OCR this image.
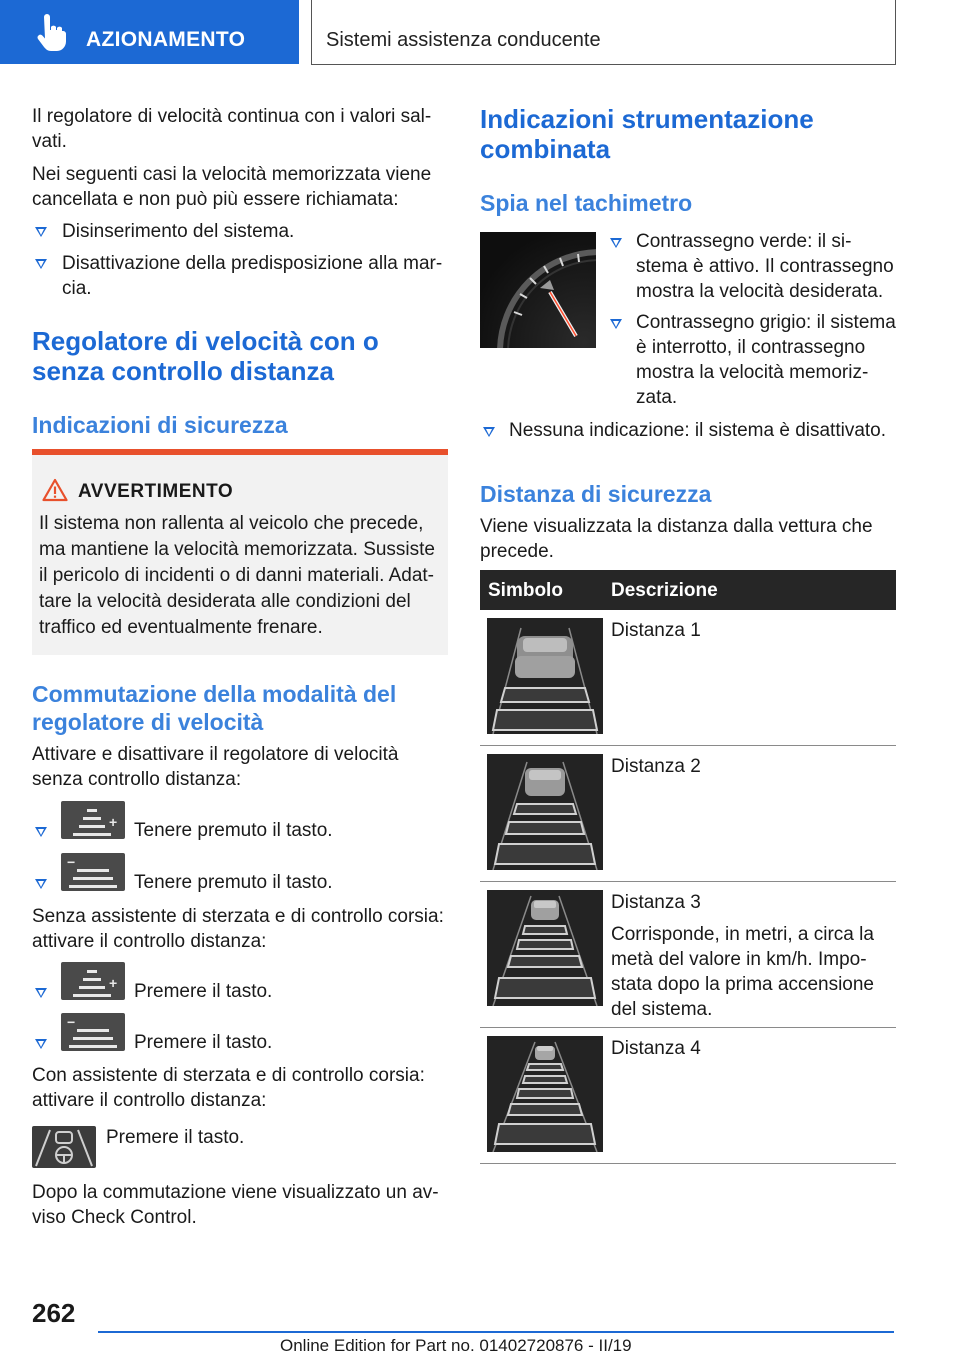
AZIONAMENTO	Sistemi assistenza conducente
Il regolatore di velocità continua con i valori sal-
vati.
Nei seguenti casi la velocità memorizzata viene
cancellata e non può più essere richiamata:
Disinserimento del sistema.
Disattivazione della predisposizione alla mar-
cia.
Regolatore di velocità con o
senza controllo distanza
Indicazioni di sicurezza
AVVERTIMENTO
Il sistema non rallenta al veicolo che precede,
ma mantiene la velocità memorizzata. Sussiste
il pericolo di incidenti o di danni materiali. Adat-
tare la velocità desiderata alle condizioni del
traffico ed eventualmente frenare.
Commutazione della modalità del
regolatore di velocità
Attivare e disattivare il regolatore di velocità
senza controllo distanza:
+ Tenere premuto il tasto.
−
Tenere premuto il tasto.
Senza assistente di sterzata e di controllo corsia:
attivare il controllo distanza:
+ Premere il tasto.
−
Premere il tasto.
Con assistente di sterzata e di controllo corsia:
attivare il controllo distanza:
Premere il tasto.
Dopo la commutazione viene visualizzato un av-
viso Check Control.
Indicazioni strumentazione
combinata
Spia nel tachimetro
Contrassegno verde: il si-
stema è attivo. Il contrassegno
mostra la velocità desiderata.
Contrassegno grigio: il sistema
è interrotto, il contrassegno
mostra la velocità memoriz-
zata.
Nessuna indicazione: il sistema è disattivato.
Distanza di sicurezza
Viene visualizzata la distanza dalla vettura che
precede.
Simbolo	Descrizione
Distanza 1
Distanza 2
Distanza 3
Corrisponde, in metri, a circa la
metà del valore in km/h. Impo-
stata dopo la prima accensione
del sistema.
Distanza 4
262
Online Edition for Part no. 01402720876 - II/19
